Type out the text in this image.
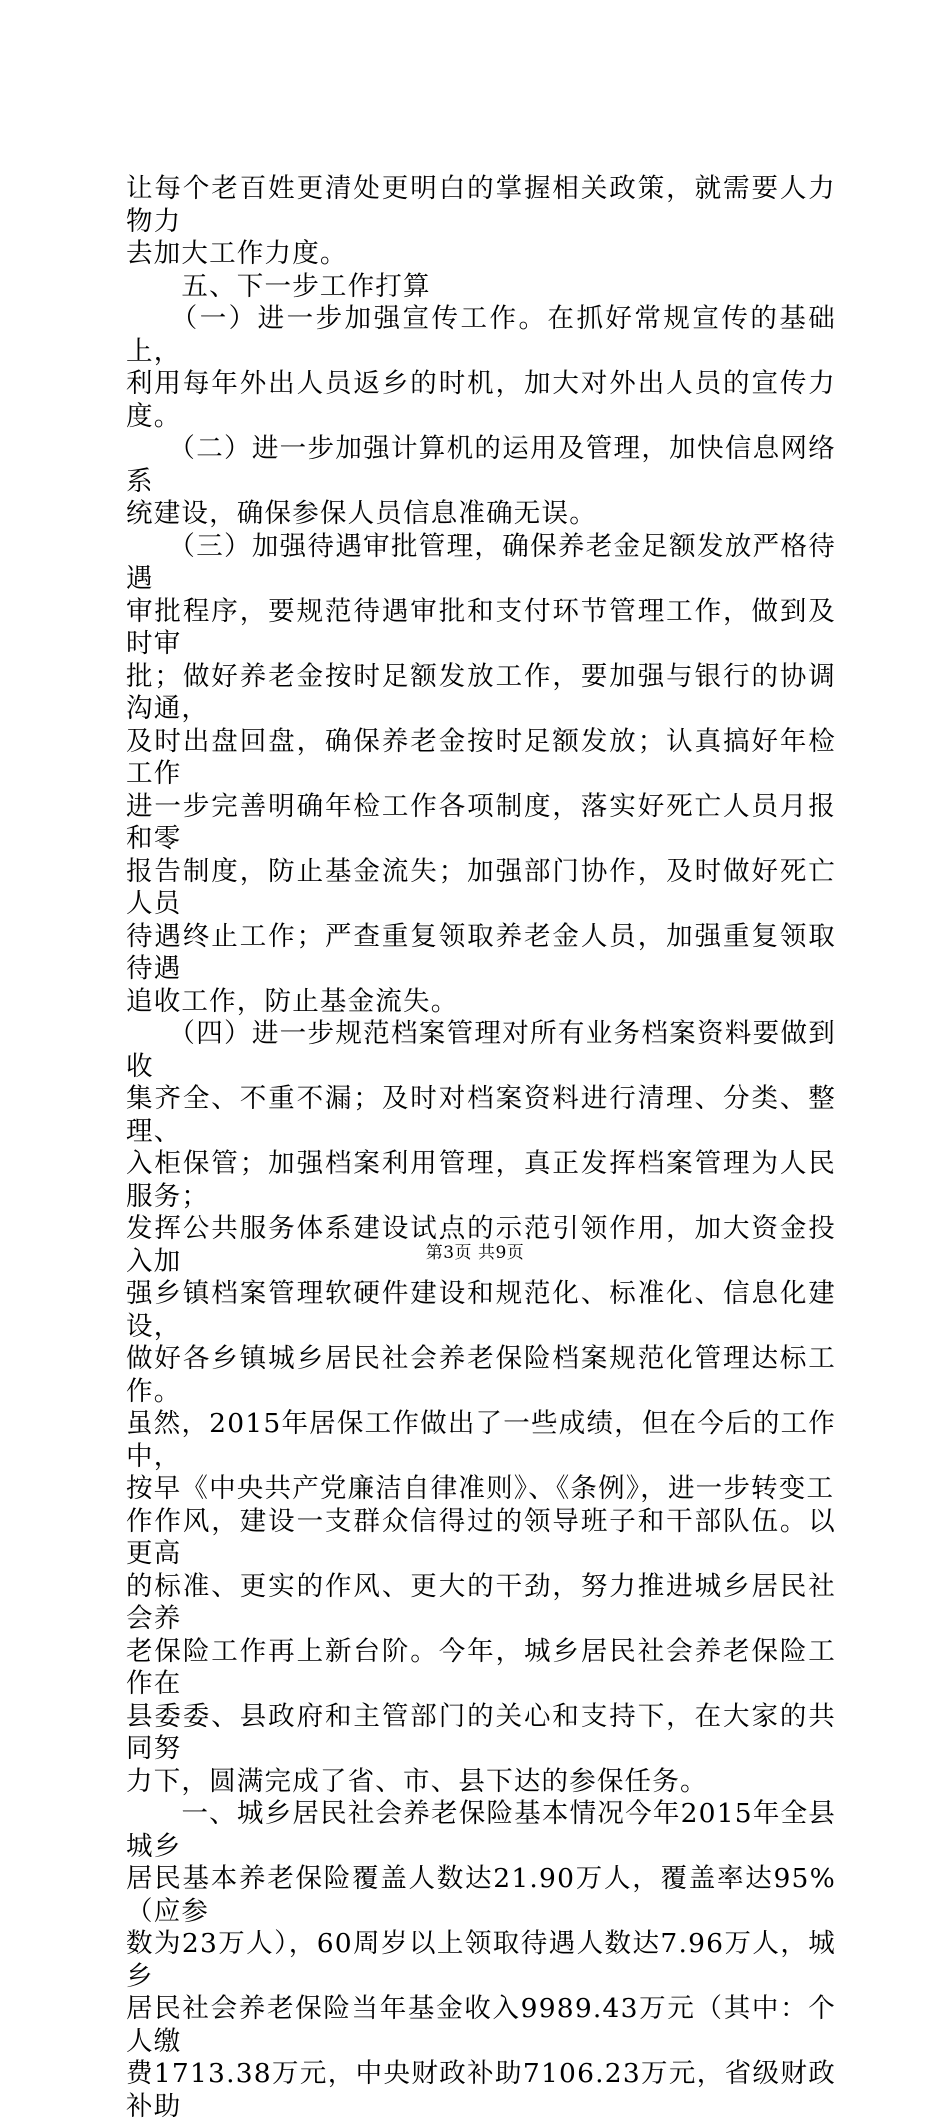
让每个老百姓更清处更明白的掌握相关政策，就需要人力物力

去加大工作力度。

　　五、下一步工作打算

　　（一）进一步加强宣传工作。在抓好常规宣传的基础上，

利用每年外出人员返乡的时机，加大对外出人员的宣传力度。

　　（二）进一步加强计算机的运用及管理，加快信息网络系

统建设，确保参保人员信息准确无误。

　　（三）加强待遇审批管理，确保养老金足额发放严格待遇

审批程序，要规范待遇审批和支付环节管理工作，做到及时审

批；做好养老金按时足额发放工作，要加强与银行的协调沟通，

及时出盘回盘，确保养老金按时足额发放；认真搞好年检工作

进一步完善明确年检工作各项制度，落实好死亡人员月报和零

报告制度，防止基金流失；加强部门协作，及时做好死亡人员

待遇终止工作；严查重复领取养老金人员，加强重复领取待遇

追收工作，防止基金流失。

　　（四）进一步规范档案管理对所有业务档案资料要做到收

集齐全、不重不漏；及时对档案资料进行清理、分类、整理、

入柜保管；加强档案利用管理，真正发挥档案管理为人民服务；

发挥公共服务体系建设试点的示范引领作用，加大资金投入加

强乡镇档案管理软硬件建设和规范化、标准化、信息化建设，

做好各乡镇城乡居民社会养老保险档案规范化管理达标工作。

虽然，2015年居保工作做出了一些成绩，但在今后的工作中，

按早《中央共产党廉洁自律准则》、《条例》，进一步转变工

作作风，建设一支群众信得过的领导班子和干部队伍。以更高

的标准、更实的作风、更大的干劲，努力推进城乡居民社会养

老保险工作再上新台阶。今年，城乡居民社会养老保险工作在

县委委、县政府和主管部门的关心和支持下，在大家的共同努

力下，圆满完成了省、市、县下达的参保任务。

　　一、城乡居民社会养老保险基本情况今年2015年全县城乡

居民基本养老保险覆盖人数达21.90万人，覆盖率达95%（应参

数为23万人），60周岁以上领取待遇人数达7.96万人，城乡

居民社会养老保险当年基金收入9989.43万元（其中：个人缴

费1713.38万元，中央财政补助7106.23万元，省级财政补助

第3页 共9页
